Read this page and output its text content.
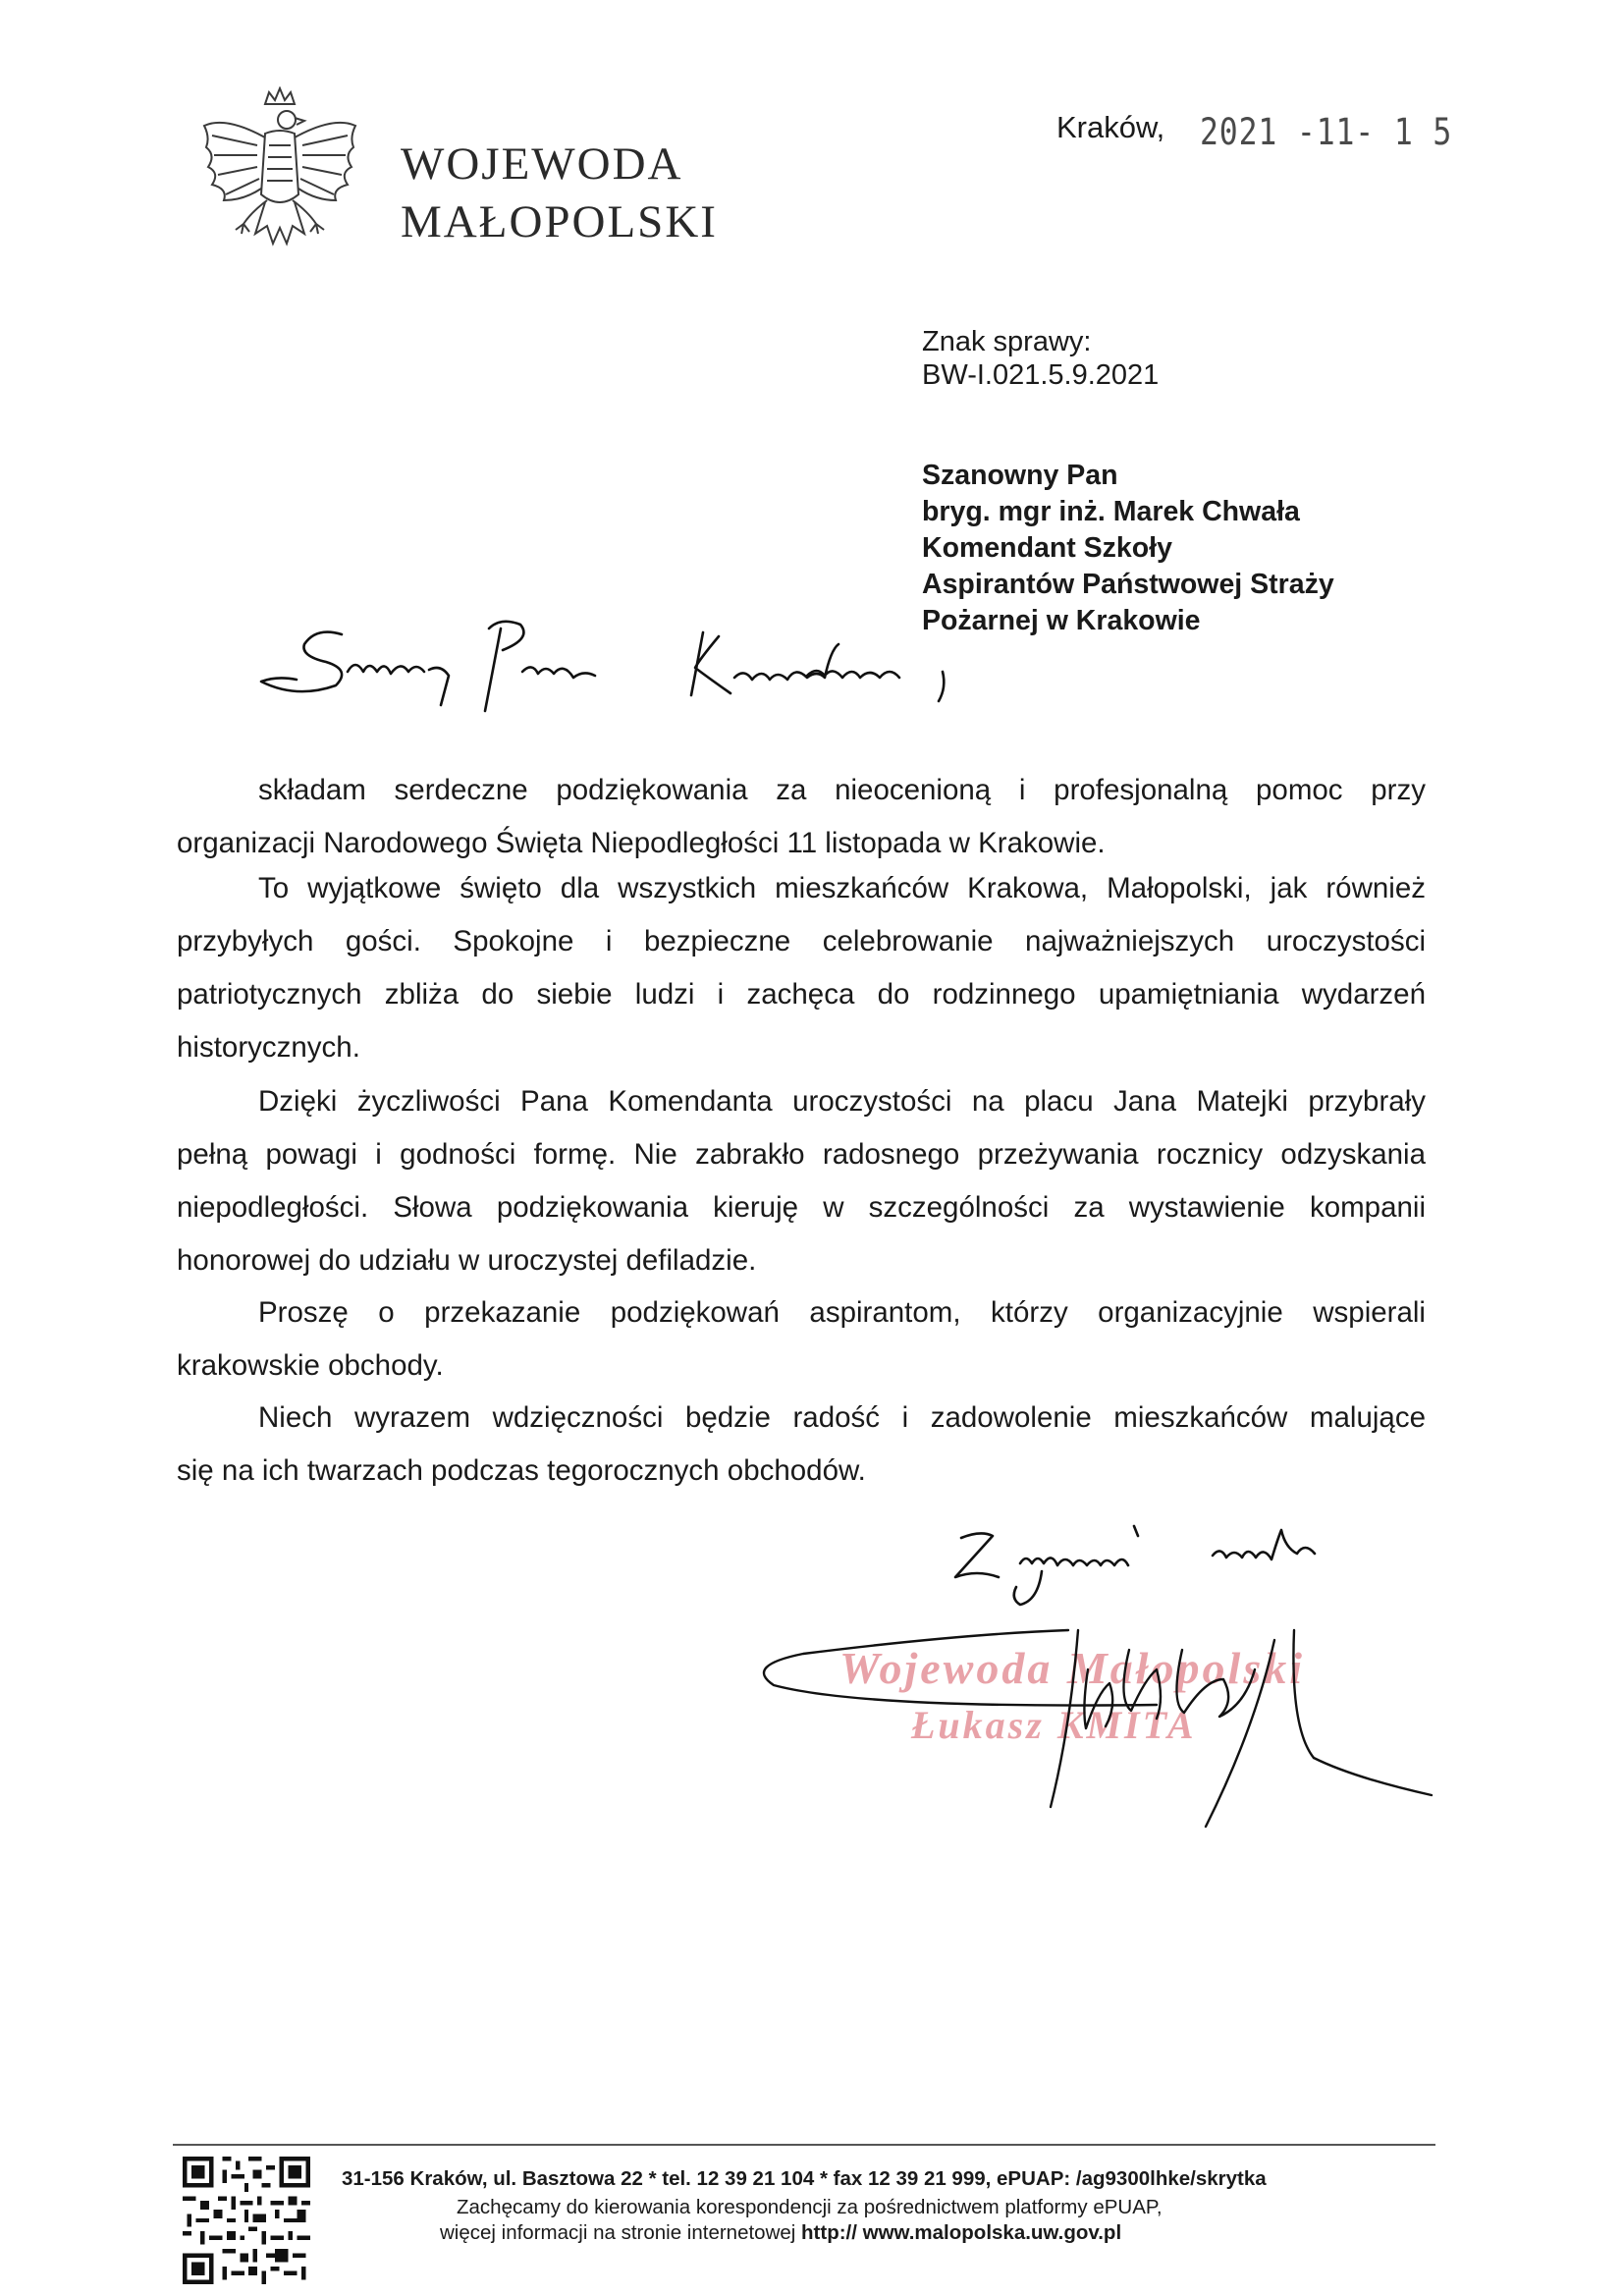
WOJEWODA
MAŁOPOLSKI
Kraków, 2021 -11- 1 5
Znak sprawy:
BW-I.021.5.9.2021
Szanowny Pan
bryg. mgr inż. Marek Chwała
Komendant Szkoły
Aspirantów Państwowej Straży
Pożarnej w Krakowie
składam serdeczne podziękowania za nieocenioną i profesjonalną pomoc przy
organizacji Narodowego Święta Niepodległości 11 listopada w Krakowie.
To wyjątkowe święto dla wszystkich mieszkańców Krakowa, Małopolski, jak również
przybyłych gości. Spokojne i bezpieczne celebrowanie najważniejszych uroczystości
patriotycznych zbliża do siebie ludzi i zachęca do rodzinnego upamiętniania wydarzeń
historycznych.
Dzięki życzliwości Pana Komendanta uroczystości na placu Jana Matejki przybrały
pełną powagi i godności formę. Nie zabrakło radosnego przeżywania rocznicy odzyskania
niepodległości. Słowa podziękowania kieruję w szczególności za wystawienie kompanii
honorowej do udziału w uroczystej defiladzie.
Proszę o przekazanie podziękowań aspirantom, którzy organizacyjnie wspierali
krakowskie obchody.
Niech wyrazem wdzięczności będzie radość i zadowolenie mieszkańców malujące
się na ich twarzach podczas tegorocznych obchodów.
Wojewoda Małopolski
Łukasz KMITA
31-156 Kraków, ul. Basztowa 22 * tel. 12 39 21 104 * fax 12 39 21 999, ePUAP: /ag9300lhke/skrytka
Zachęcamy do kierowania korespondencji za pośrednictwem platformy ePUAP,
więcej informacji na stronie internetowej http:// www.malopolska.uw.gov.pl
